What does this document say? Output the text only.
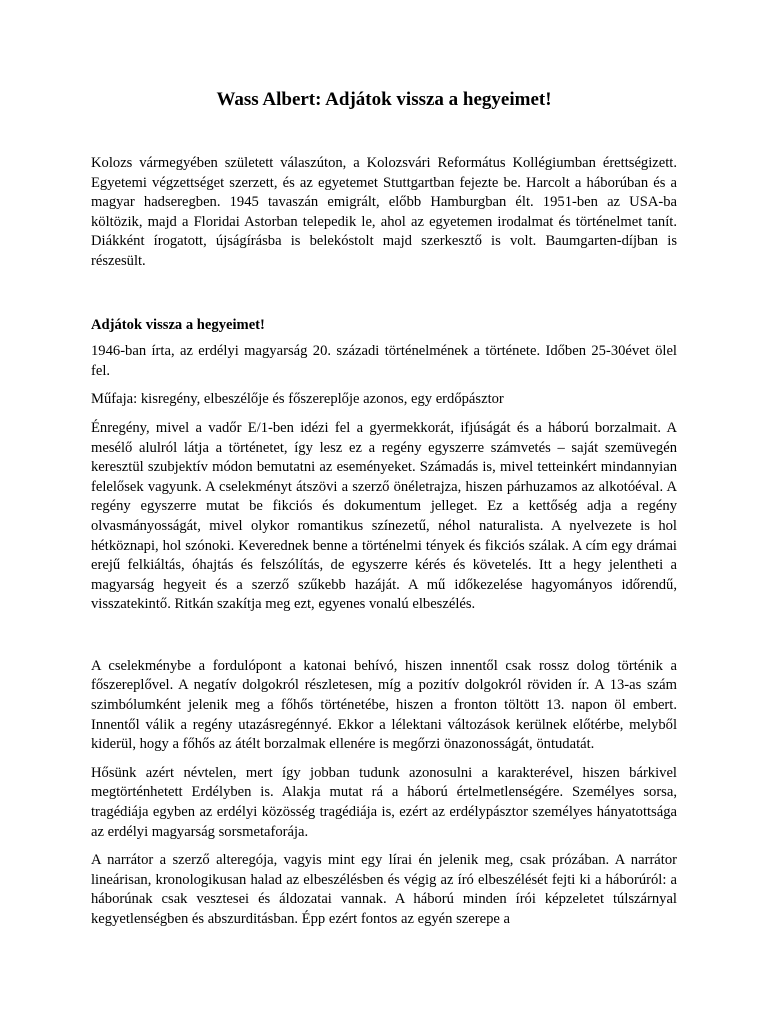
Wass Albert: Adjátok vissza a hegyeimet!

Kolozs vármegyében született válaszúton, a Kolozsvári Református Kollégiumban érettségizett. Egyetemi végzettséget szerzett, és az egyetemet Stuttgartban fejezte be. Harcolt a háborúban és a magyar hadseregben. 1945 tavaszán emigrált, előbb Hamburgban élt. 1951-ben az USA-ba költözik, majd a Floridai Astorban telepedik le, ahol az egyetemen irodalmat és történelmet tanít. Diákként írogatott, újságírásba is belekóstolt majd szerkesztő is volt. Baumgarten-díjban is részesült.

Adjátok vissza a hegyeimet!

1946-ban írta, az erdélyi magyarság 20. századi történelmének a története. Időben 25-30évet ölel fel.

Műfaja: kisregény, elbeszélője és főszereplője azonos, egy erdőpásztor

Énregény, mivel a vadőr E/1-ben idézi fel a gyermekkorát, ifjúságát és a háború borzalmait. A mesélő alulról látja a történetet, így lesz ez a regény egyszerre számvetés – saját szemüvegén keresztül szubjektív módon bemutatni az eseményeket. Számadás is, mivel tetteinkért mindannyian felelősek vagyunk. A cselekményt átszövi a szerző önéletrajza, hiszen párhuzamos az alkotóéval. A regény egyszerre mutat be fikciós és dokumentum jelleget. Ez a kettőség adja a regény olvasmányosságát, mivel olykor romantikus színezetű, néhol naturalista. A nyelvezete is hol hétköznapi, hol szónoki. Keverednek benne a történelmi tények és fikciós szálak. A cím egy drámai erejű felkiáltás, óhajtás és felszólítás, de egyszerre kérés és követelés. Itt a hegy jelentheti a magyarság hegyeit és a szerző szűkebb hazáját. A mű időkezelése hagyományos időrendű, visszatekintő. Ritkán szakítja meg ezt, egyenes vonalú elbeszélés.

A cselekménybe a fordulópont a katonai behívó, hiszen innentől csak rossz dolog történik a főszereplővel. A negatív dolgokról részletesen, míg a pozitív dolgokról röviden ír. A 13-as szám szimbólumként jelenik meg a főhős történetébe, hiszen a fronton töltött 13. napon öl embert. Innentől válik a regény utazásregénnyé. Ekkor a lélektani változások kerülnek előtérbe, melyből kiderül, hogy a főhős az átélt borzalmak ellenére is megőrzi önazonosságát, öntudatát.

Hősünk azért névtelen, mert így jobban tudunk azonosulni a karakterével, hiszen bárkivel megtörténhetett Erdélyben is. Alakja mutat rá a háború értelmetlenségére. Személyes sorsa, tragédiája egyben az erdélyi közösség tragédiája is, ezért az erdélypásztor személyes hányatottsága az erdélyi magyarság sorsmetaforája.

A narrátor a szerző alteregója, vagyis mint egy lírai én jelenik meg, csak prózában. A narrátor lineárisan, kronologikusan halad az elbeszélésben és végig az író elbeszélését fejti ki a háborúról: a háborúnak csak vesztesei és áldozatai vannak. A háború minden írói képzeletet túlszárnyal kegyetlenségben és abszurditásban. Épp ezért fontos az egyén szerepe a
